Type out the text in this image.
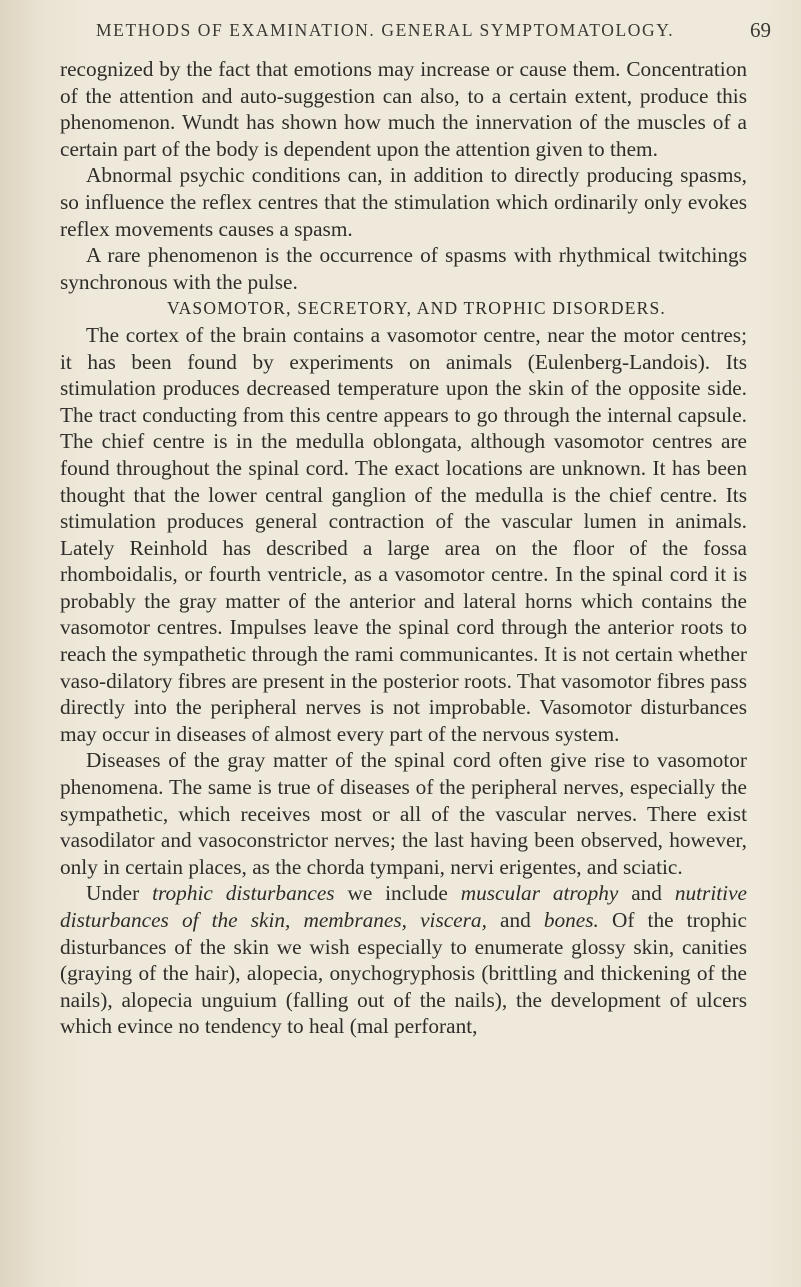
METHODS OF EXAMINATION. GENERAL SYMPTOMATOLOGY.	69

recognized by the fact that emotions may increase or cause them. Concentration of the attention and auto-suggestion can also, to a certain extent, produce this phenomenon. Wundt has shown how much the innervation of the muscles of a certain part of the body is dependent upon the attention given to them.

Abnormal psychic conditions can, in addition to directly producing spasms, so influence the reflex centres that the stimulation which ordinarily only evokes reflex movements causes a spasm.

A rare phenomenon is the occurrence of spasms with rhythmical twitchings synchronous with the pulse.

VASOMOTOR, SECRETORY, AND TROPHIC DISORDERS.

The cortex of the brain contains a vasomotor centre, near the motor centres; it has been found by experiments on animals (Eulenberg-Landois). Its stimulation produces decreased temperature upon the skin of the opposite side. The tract conducting from this centre appears to go through the internal capsule. The chief centre is in the medulla oblongata, although vasomotor centres are found throughout the spinal cord. The exact locations are unknown. It has been thought that the lower central ganglion of the medulla is the chief centre. Its stimulation produces general contraction of the vascular lumen in animals. Lately Reinhold has described a large area on the floor of the fossa rhomboidalis, or fourth ventricle, as a vasomotor centre. In the spinal cord it is probably the gray matter of the anterior and lateral horns which contains the vasomotor centres. Impulses leave the spinal cord through the anterior roots to reach the sympathetic through the rami communicantes. It is not certain whether vaso-dilatory fibres are present in the posterior roots. That vasomotor fibres pass directly into the peripheral nerves is not improbable. Vasomotor disturbances may occur in diseases of almost every part of the nervous system.

Diseases of the gray matter of the spinal cord often give rise to vasomotor phenomena. The same is true of diseases of the peripheral nerves, especially the sympathetic, which receives most or all of the vascular nerves. There exist vasodilator and vasoconstrictor nerves; the last having been observed, however, only in certain places, as the chorda tympani, nervi erigentes, and sciatic.

Under trophic disturbances we include muscular atrophy and nutritive disturbances of the skin, membranes, viscera, and bones. Of the trophic disturbances of the skin we wish especially to enumerate glossy skin, canities (graying of the hair), alopecia, onychogryphosis (brittling and thickening of the nails), alopecia unguium (falling out of the nails), the development of ulcers which evince no tendency to heal (mal perforant,
